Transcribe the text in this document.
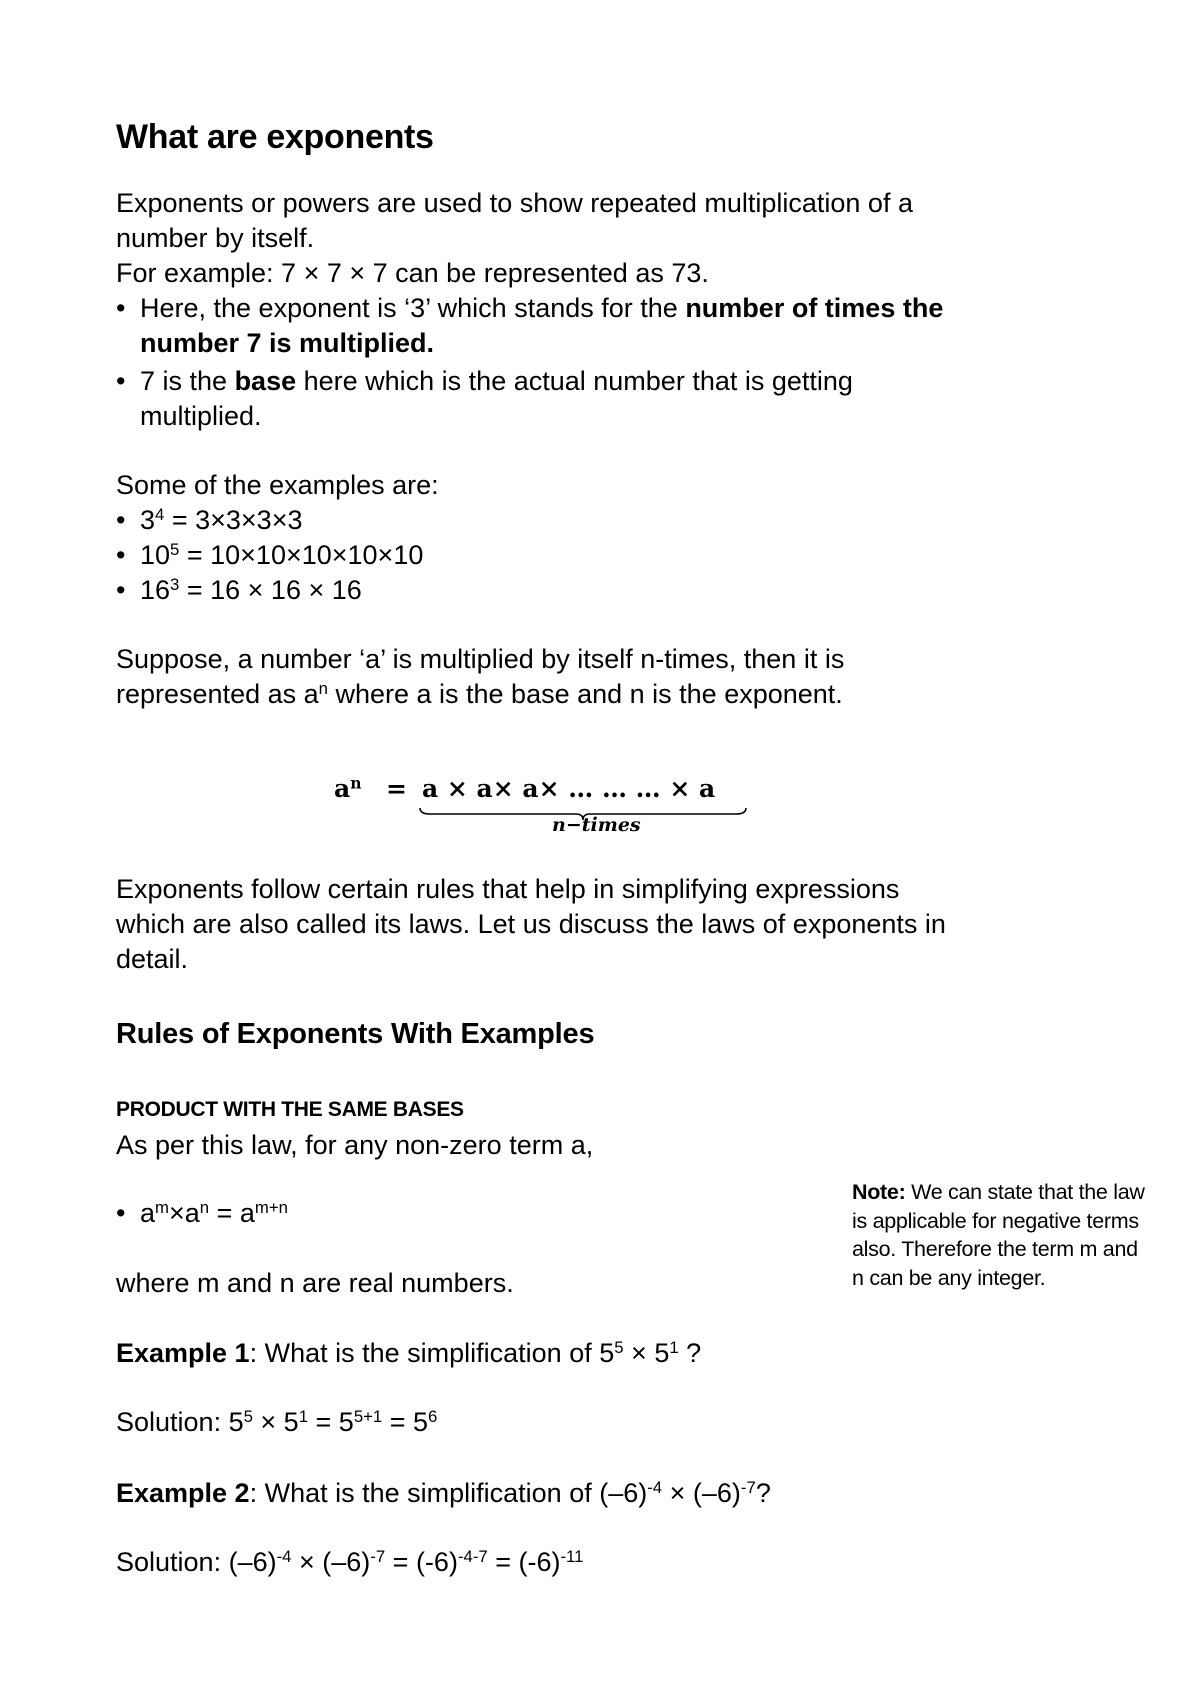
What are exponents
Exponents or powers are used to show repeated multiplication of a
number by itself.
For example: 7 × 7 × 7 can be represented as 73.
• Here, the exponent is ‘3’ which stands for the number of times the
number 7 is multiplied.
• 7 is the base here which is the actual number that is getting
multiplied.
Some of the examples are:
• $3^4 = 3\times 3\times 3\times 3$
• $10^5 = 10\times 10\times 10\times 10\times 10$
• $16^3 = 16 \times 16 \times 16$
Suppose, a number ‘a’ is multiplied by itself n-times, then it is
represented as $a^n$ where a is the base and n is the exponent.
$a^n = a \times a\times a\times$ … … … × a
n−times
Exponents follow certain rules that help in simplifying expressions
which are also called its laws. Let us discuss the laws of exponents in
detail.
Rules of Exponents With Examples
PRODUCT WITH THE SAME BASES
As per this law, for any non-zero term a,
• $a^m\times a^n = a^{m+n}$
where m and n are real numbers.
Note: We can state that the law
is applicable for negative terms
also. Therefore the term m and
n can be any integer.
Example 1: What is the simplification of $5^5 \times 5^1$ ?
Solution: $5^5 \times 5^1 = 5^{5+1} = 5^6$
Example 2: What is the simplification of $(-6)^{-4} \times (-6)^{-7}$?
Solution: $(-6)^{-4} \times (-6)^{-7} = (-6)^{-4-7} = (-6)^{-11}$
